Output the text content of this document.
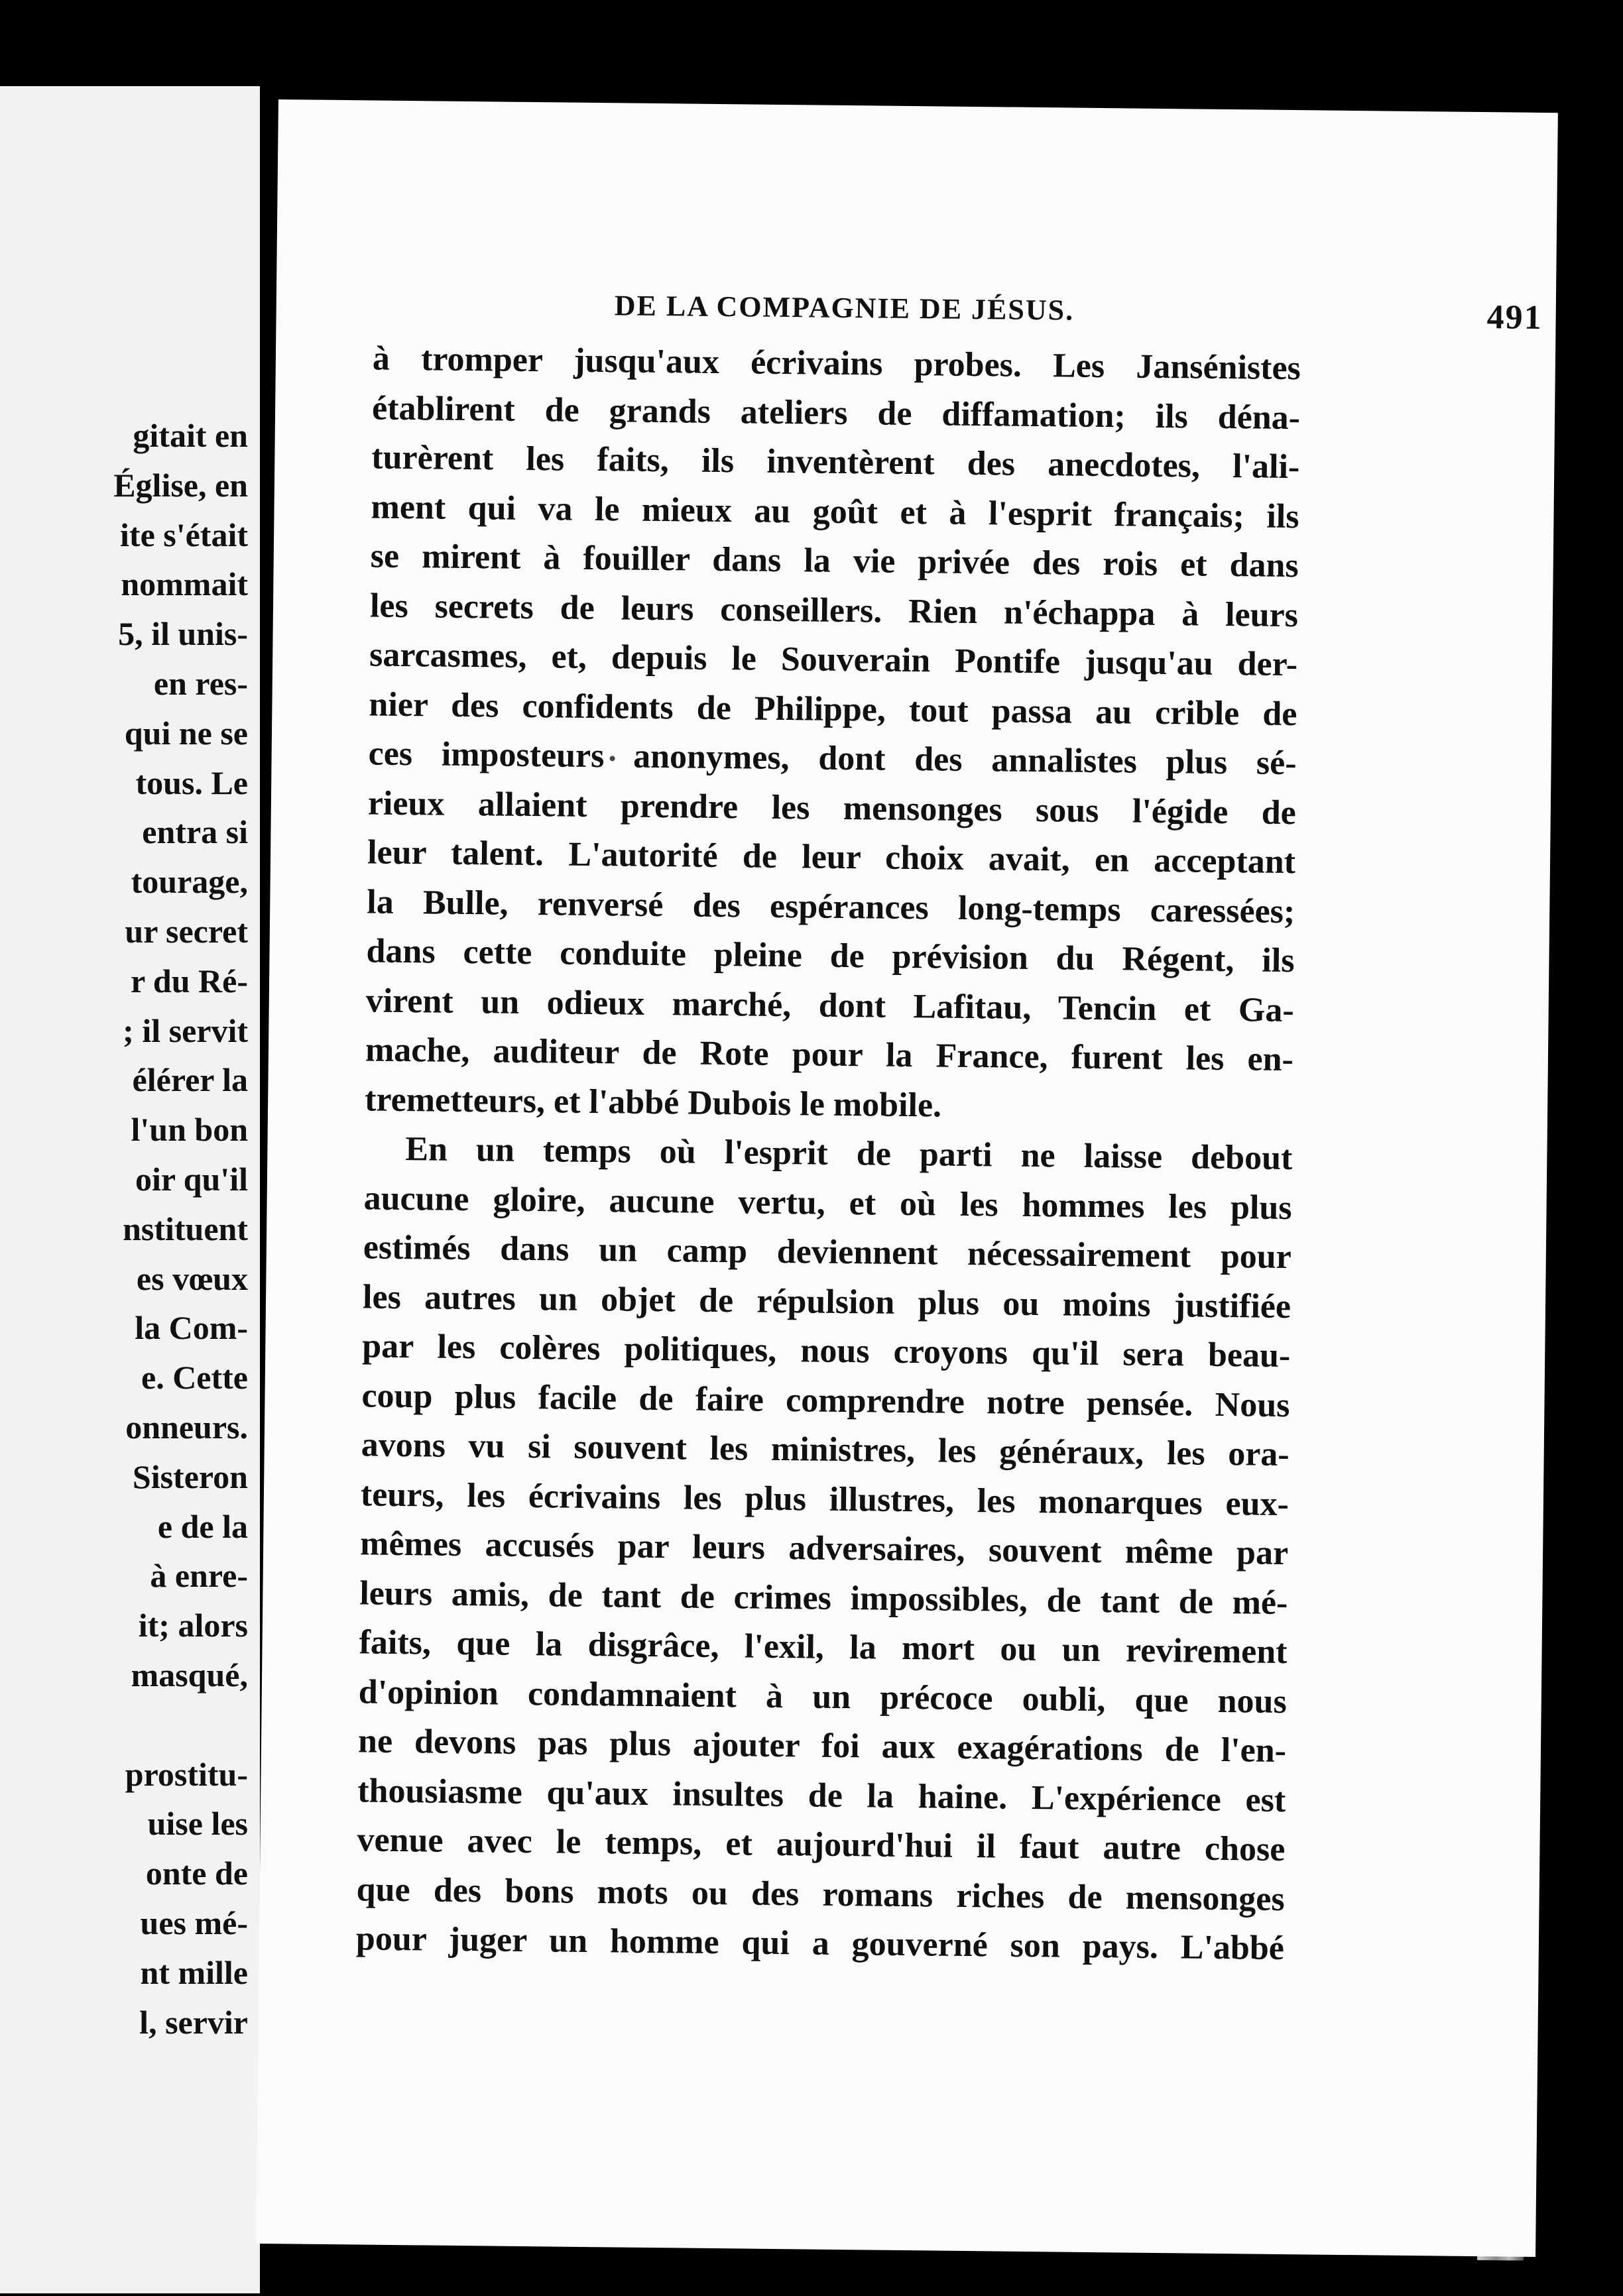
gitait en
Église, en
ite s'était
nommait
5, il unis-
en res-
qui ne se
tous. Le
entra si
tourage,
ur secret
r du Ré-
; il servit
élérer la
l'un bon
oir qu'il
nstituent
es vœux
la Com-
e. Cette
onneurs.
Sisteron
e de la
à enre-
it; alors
masqué,
prostitu-
uise les
onte de
ues mé-
nt mille
l, servir
DE LA COMPAGNIE DE JÉSUS.	491
à tromper jusqu'aux écrivains probes. Les Jansénistes
établirent de grands ateliers de diffamation; ils déna-
turèrent les faits, ils inventèrent des anecdotes, l'ali-
ment qui va le mieux au goût et à l'esprit français; ils
se mirent à fouiller dans la vie privée des rois et dans
les secrets de leurs conseillers. Rien n'échappa à leurs
sarcasmes, et, depuis le Souverain Pontife jusqu'au der-
nier des confidents de Philippe, tout passa au crible de
ces imposteurs anonymes, dont des annalistes plus sé-
rieux allaient prendre les mensonges sous l'égide de
leur talent. L'autorité de leur choix avait, en acceptant
la Bulle, renversé des espérances long-temps caressées;
dans cette conduite pleine de prévision du Régent, ils
virent un odieux marché, dont Lafitau, Tencin et Ga-
mache, auditeur de Rote pour la France, furent les en-
tremetteurs, et l'abbé Dubois le mobile.
En un temps où l'esprit de parti ne laisse debout
aucune gloire, aucune vertu, et où les hommes les plus
estimés dans un camp deviennent nécessairement pour
les autres un objet de répulsion plus ou moins justifiée
par les colères politiques, nous croyons qu'il sera beau-
coup plus facile de faire comprendre notre pensée. Nous
avons vu si souvent les ministres, les généraux, les ora-
teurs, les écrivains les plus illustres, les monarques eux-
mêmes accusés par leurs adversaires, souvent même par
leurs amis, de tant de crimes impossibles, de tant de mé-
faits, que la disgrâce, l'exil, la mort ou un revirement
d'opinion condamnaient à un précoce oubli, que nous
ne devons pas plus ajouter foi aux exagérations de l'en-
thousiasme qu'aux insultes de la haine. L'expérience est
venue avec le temps, et aujourd'hui il faut autre chose
que des bons mots ou des romans riches de mensonges
pour juger un homme qui a gouverné son pays. L'abbé
